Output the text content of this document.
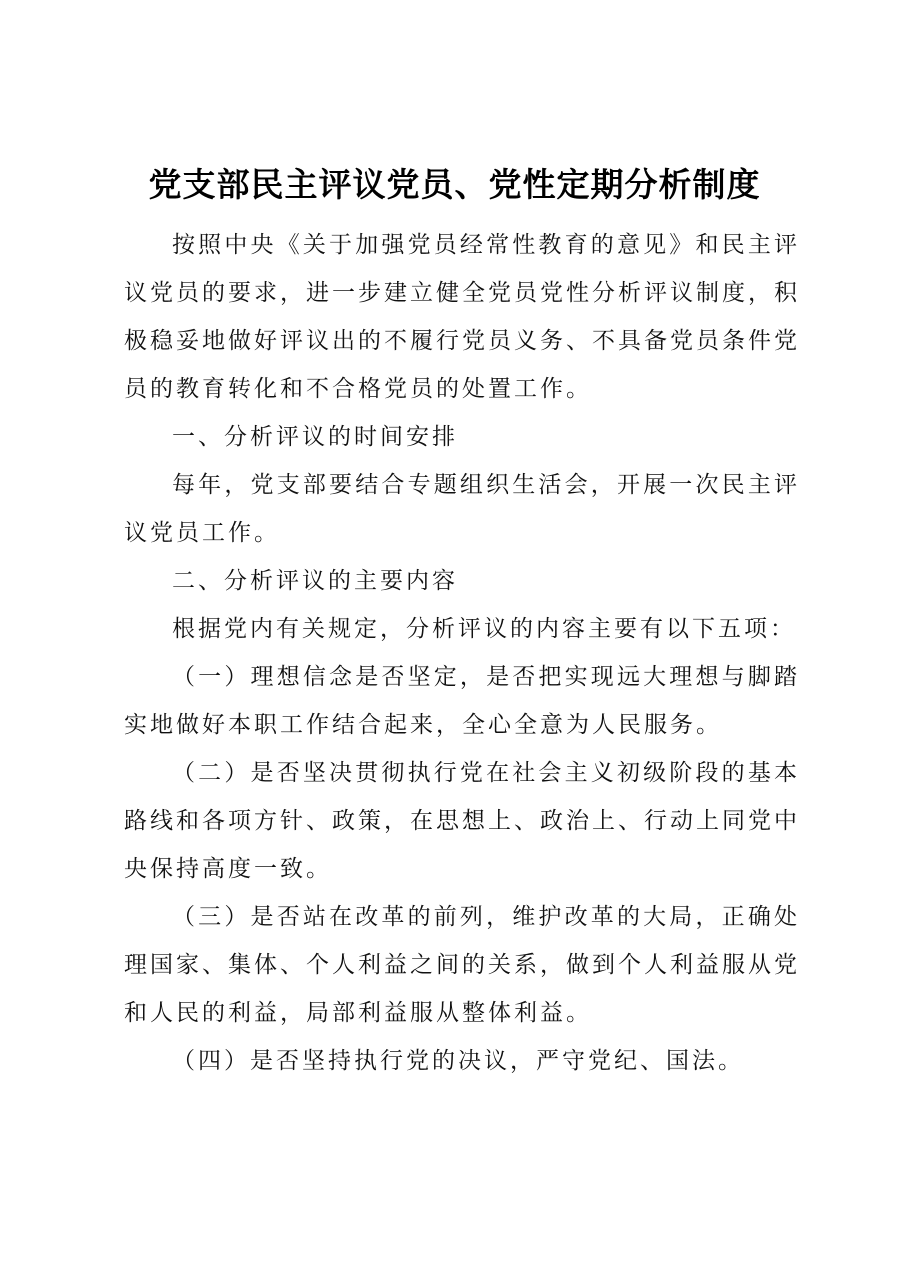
党支部民主评议党员、党性定期分析制度

按照中央《关于加强党员经常性教育的意见》和民主评议党员的要求，进一步建立健全党员党性分析评议制度，积极稳妥地做好评议出的不履行党员义务、不具备党员条件党员的教育转化和不合格党员的处置工作。

一、分析评议的时间安排

每年，党支部要结合专题组织生活会，开展一次民主评议党员工作。

二、分析评议的主要内容

根据党内有关规定，分析评议的内容主要有以下五项：

（一）理想信念是否坚定，是否把实现远大理想与脚踏实地做好本职工作结合起来，全心全意为人民服务。

（二）是否坚决贯彻执行党在社会主义初级阶段的基本路线和各项方针、政策，在思想上、政治上、行动上同党中央保持高度一致。

（三）是否站在改革的前列，维护改革的大局，正确处理国家、集体、个人利益之间的关系，做到个人利益服从党和人民的利益，局部利益服从整体利益。

（四）是否坚持执行党的决议，严守党纪、国法。
